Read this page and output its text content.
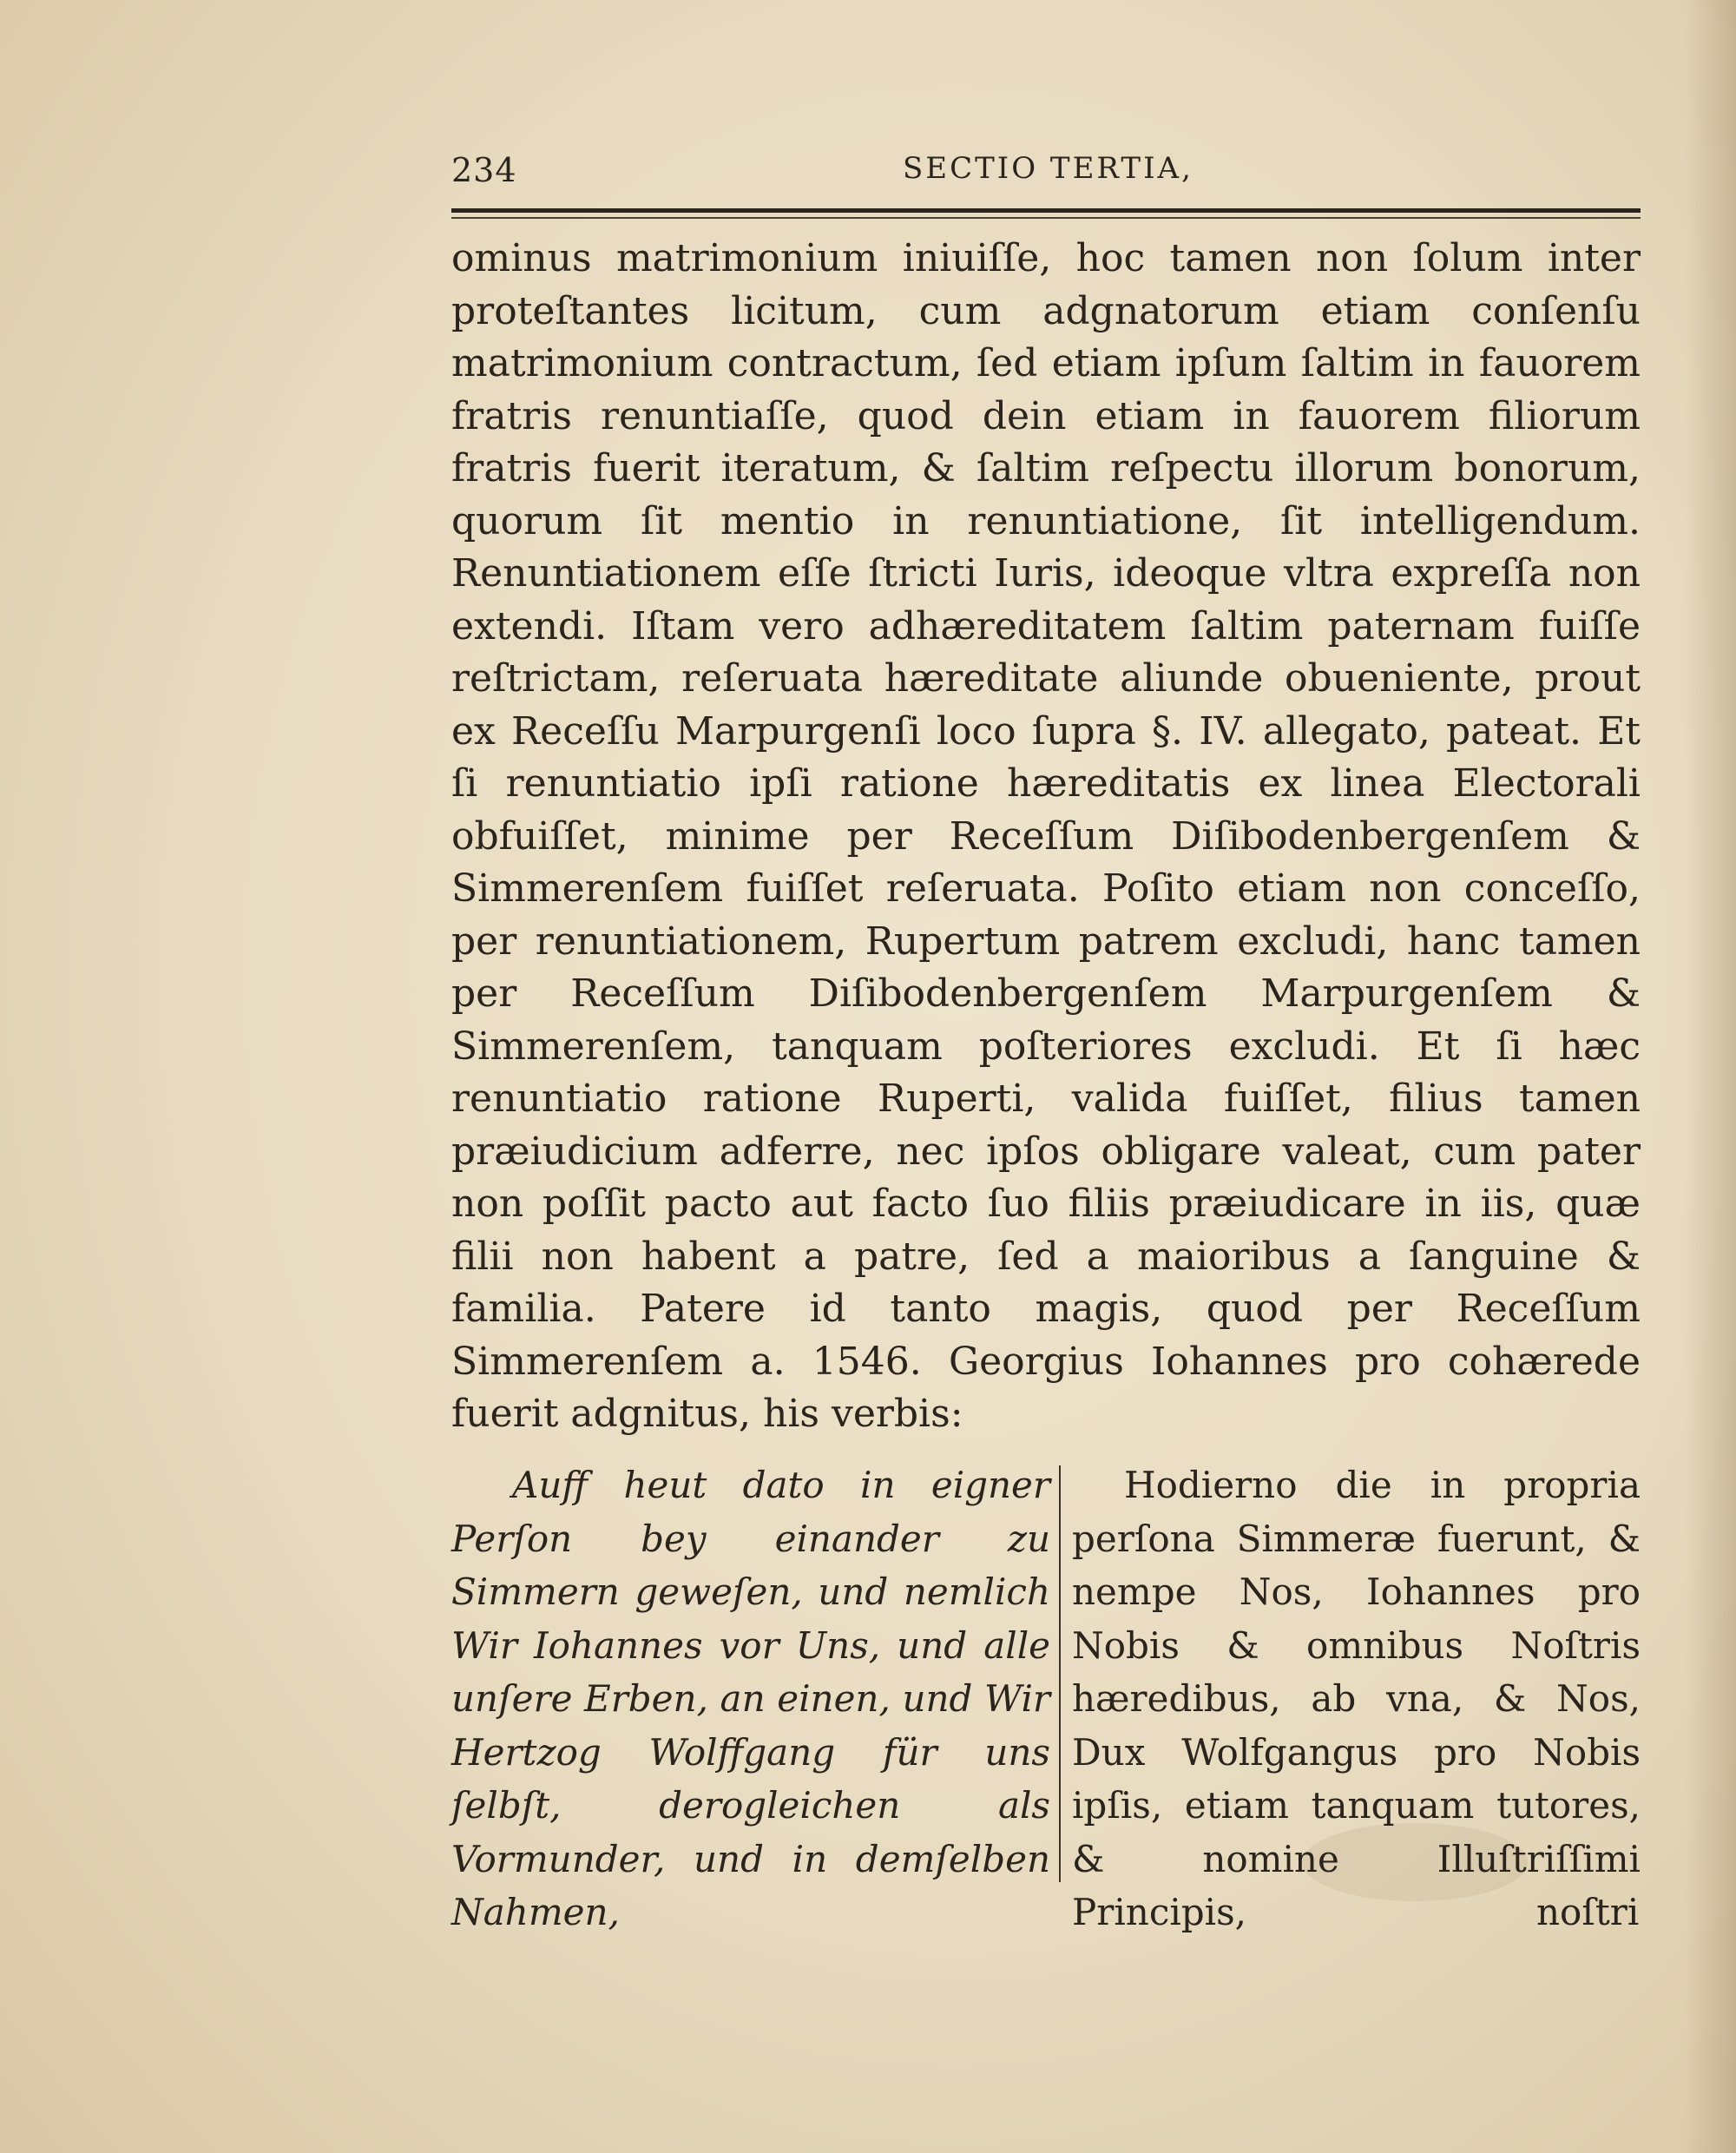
234	SECTIO TERTIA,

ominus matrimonium iniuiſſe, hoc tamen non ſolum inter proteſtantes licitum, cum adgnatorum etiam conſenſu matrimonium contractum, ſed etiam ipſum ſaltim in fauorem fratris renuntiaſſe, quod dein etiam in fauorem filiorum fratris fuerit iteratum, & ſaltim reſpectu illorum bonorum, quorum ſit mentio in renuntiatione, ſit intelligendum. Renuntiationem eſſe ſtricti Iuris, ideoque vltra expreſſa non extendi. Iſtam vero adhæreditatem ſaltim paternam fuiſſe reſtrictam, reſeruata hæreditate aliunde obueniente, prout ex Receſſu Marpurgenſi loco ſupra §. IV. allegato, pateat. Et ſi renuntiatio ipſi ratione hæreditatis ex linea Electorali obfuiſſet, minime per Receſſum Diſibodenbergenſem & Simmerenſem fuiſſet reſeruata. Poſito etiam non conceſſo, per renuntiationem, Rupertum patrem excludi, hanc tamen per Receſſum Diſibodenbergenſem Marpurgenſem & Simmerenſem, tanquam poſteriores excludi. Et ſi hæc renuntiatio ratione Ruperti, valida fuiſſet, filius tamen præiudicium adferre, nec ipſos obligare valeat, cum pater non poſſit pacto aut facto ſuo filiis præiudicare in iis, quæ filii non habent a patre, ſed a maioribus a ſanguine & familia. Patere id tanto magis, quod per Receſſum Simmerenſem a. 1546. Georgius Iohannes pro cohærede fuerit adgnitus, his verbis:

Auff heut dato in eigner Perſon bey einander zu Simmern geweſen, und nemlich Wir Iohannes vor Uns, und alle unſere Erben, an einen, und Wir Hertzog Wolffgang für uns ſelbſt, derogleichen als Vormunder, und in demſelben Nahmen,
Hodierno die in propria perſona Simmeræ fuerunt, & nempe Nos, Iohannes pro Nobis & omnibus Noſtris hæredibus, ab vna, & Nos, Dux Wolfgangus pro Nobis ipſis, etiam tanquam tutores, & nomine Illuſtriſſimi Principis,	noſtri
